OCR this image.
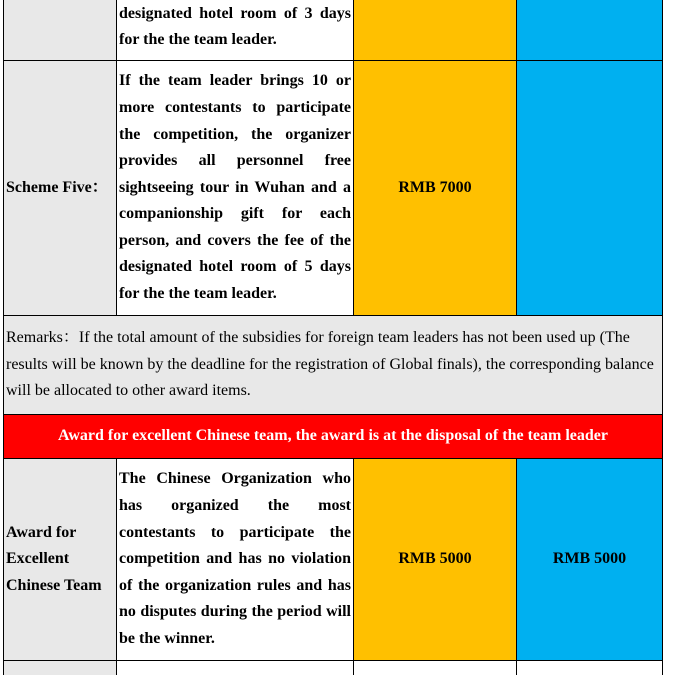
	designated hotel room of 3 days for the the team leader.		
Scheme Five：	If the team leader brings 10 or more contestants to participate the competition, the organizer provides all personnel free sightseeing tour in Wuhan and a companionship gift for each person, and covers the fee of the designated hotel room of 5 days for the the team leader.	RMB 7000	
Remarks：If the total amount of the subsidies for foreign team leaders has not been used up (The results will be known by the deadline for the registration of Global finals), the corresponding balance will be allocated to other award items.			
Award for excellent Chinese team, the award is at the disposal of the team leader			
Award for Excellent Chinese Team	The Chinese Organization who has organized the most contestants to participate the competition and has no violation of the organization rules and has no disputes during the period will be the winner.	RMB 5000	RMB 5000
